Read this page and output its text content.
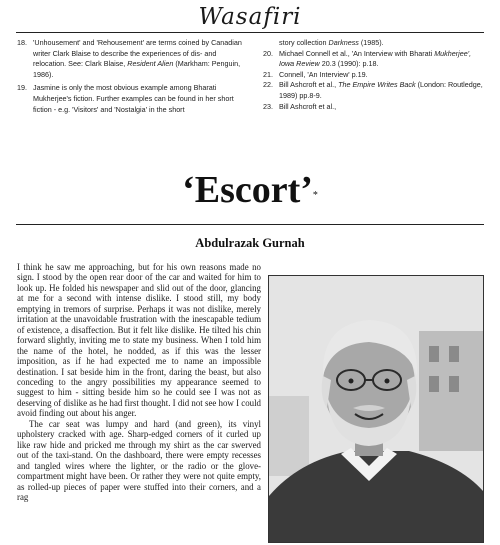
Wasafiri
18. 'Unhousement' and 'Rehousement' are terms coined by Canadian writer Clark Blaise to describe the experiences of dis- and relocation. See: Clark Blaise, Resident Alien (Markham: Penguin, 1986).
19. Jasmine is only the most obvious example among Bharati Mukherjee's fiction. Further examples can be found in her short fiction - e.g. 'Visitors' and 'Nostalgia' in the short
story collection Darkness (1985).
20. Michael Connell et al., 'An Interview with Bharati Mukherjee', Iowa Review 20.3 (1990): p.18.
21. Connell, 'An Interview' p.19.
22. Bill Ashcroft et al., The Empire Writes Back (London: Routledge, 1989) pp.8-9.
23. Bill Ashcroft et al.,
‘Escort’*
Abdulrazak Gurnah

I think he saw me approaching, but for his own reasons made no sign. I stood by the open rear door of the car and waited for him to look up. He folded his newspaper and slid out of the door, glancing at me for a second with intense dislike. I stood still, my body emptying in tremors of surprise. Perhaps it was not dislike, merely irritation at the unavoidable frustration with the inescapable tedium of existence, a disaffection. But it felt like dislike. He tilted his chin forward slightly, inviting me to state my business. When I told him the name of the hotel, he nodded, as if this was the lesser imposition, as if he had expected me to name an impossible destination. I sat beside him in the front, daring the beast, but also conceding to the angry possibilities my appearance seemed to suggest to him - sitting beside him so he could see I was not as deserving of dislike as he had first thought. I did not see how I could avoid finding out about his anger.

The car seat was lumpy and hard (and green), its vinyl upholstery cracked with age. Sharp-edged corners of it curled up like raw hide and pricked me through my shirt as the car swerved out of the taxi-stand. On the dashboard, there were empty recesses and tangled wires where the lighter, or the radio or the glove-compartment might have been. Or rather they were not quite empty, as rolled-up pieces of paper were stuffed into their corners, and a rag
